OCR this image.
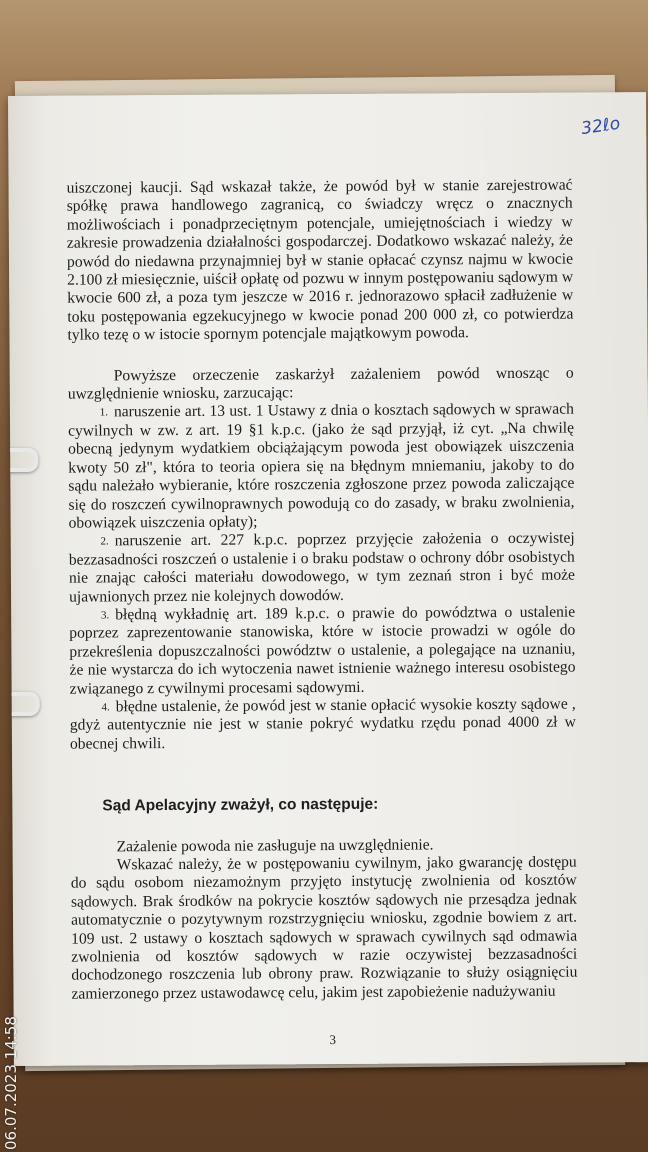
32ℓo

uiszczonej kaucji. Sąd wskazał także, że powód był w stanie zarejestrować spółkę prawa handlowego zagranicą, co świadczy wręcz o znacznych możliwościach i ponadprzeciętnym potencjale, umiejętnościach i wiedzy w zakresie prowadzenia działalności gospodarczej. Dodatkowo wskazać należy, że powód do niedawna przynajmniej był w stanie opłacać czynsz najmu w kwocie 2.100 zł miesięcznie, uiścił opłatę od pozwu w innym postępowaniu sądowym w kwocie 600 zł, a poza tym jeszcze w 2016 r. jednorazowo spłacił zadłużenie w toku postępowania egzekucyjnego w kwocie ponad 200 000 zł, co potwierdza tylko tezę o w istocie spornym potencjale majątkowym powoda.

Powyższe orzeczenie zaskarżył zażaleniem powód wnosząc o uwzględnienie wniosku, zarzucając:

1. naruszenie art. 13 ust. 1 Ustawy z dnia o kosztach sądowych w sprawach cywilnych w zw. z art. 19 §1 k.p.c. (jako że sąd przyjął, iż cyt. „Na chwilę obecną jedynym wydatkiem obciążającym powoda jest obowiązek uiszczenia kwoty 50 zł", która to teoria opiera się na błędnym mniemaniu, jakoby to do sądu należało wybieranie, które roszczenia zgłoszone przez powoda zaliczające się do roszczeń cywilnoprawnych powodują co do zasady, w braku zwolnienia, obowiązek uiszczenia opłaty);

2. naruszenie art. 227 k.p.c. poprzez przyjęcie założenia o oczywistej bezzasadności roszczeń o ustalenie i o braku podstaw o ochrony dóbr osobistych nie znając całości materiału dowodowego, w tym zeznań stron i być może ujawnionych przez nie kolejnych dowodów.

3. błędną wykładnię art. 189 k.p.c. o prawie do powództwa o ustalenie poprzez zaprezentowanie stanowiska, które w istocie prowadzi w ogóle do przekreślenia dopuszczalności powództw o ustalenie, a polegające na uznaniu, że nie wystarcza do ich wytoczenia nawet istnienie ważnego interesu osobistego związanego z cywilnymi procesami sądowymi.

4. błędne ustalenie, że powód jest w stanie opłacić wysokie koszty sądowe , gdyż autentycznie nie jest w stanie pokryć wydatku rzędu ponad 4000 zł w obecnej chwili.

Sąd Apelacyjny zważył, co następuje:

Zażalenie powoda nie zasługuje na uwzględnienie.

Wskazać należy, że w postępowaniu cywilnym, jako gwarancję dostępu do sądu osobom niezamożnym przyjęto instytucję zwolnienia od kosztów sądowych. Brak środków na pokrycie kosztów sądowych nie przesądza jednak automatycznie o pozytywnym rozstrzygnięciu wniosku, zgodnie bowiem z art. 109 ust. 2 ustawy o kosztach sądowych w sprawach cywilnych sąd odmawia zwolnienia od kosztów sądowych w razie oczywistej bezzasadności dochodzonego roszczenia lub obrony praw. Rozwiązanie to służy osiągnięciu zamierzonego przez ustawodawcę celu, jakim jest zapobieżenie nadużywaniu

3
06.07.2023 14:58
